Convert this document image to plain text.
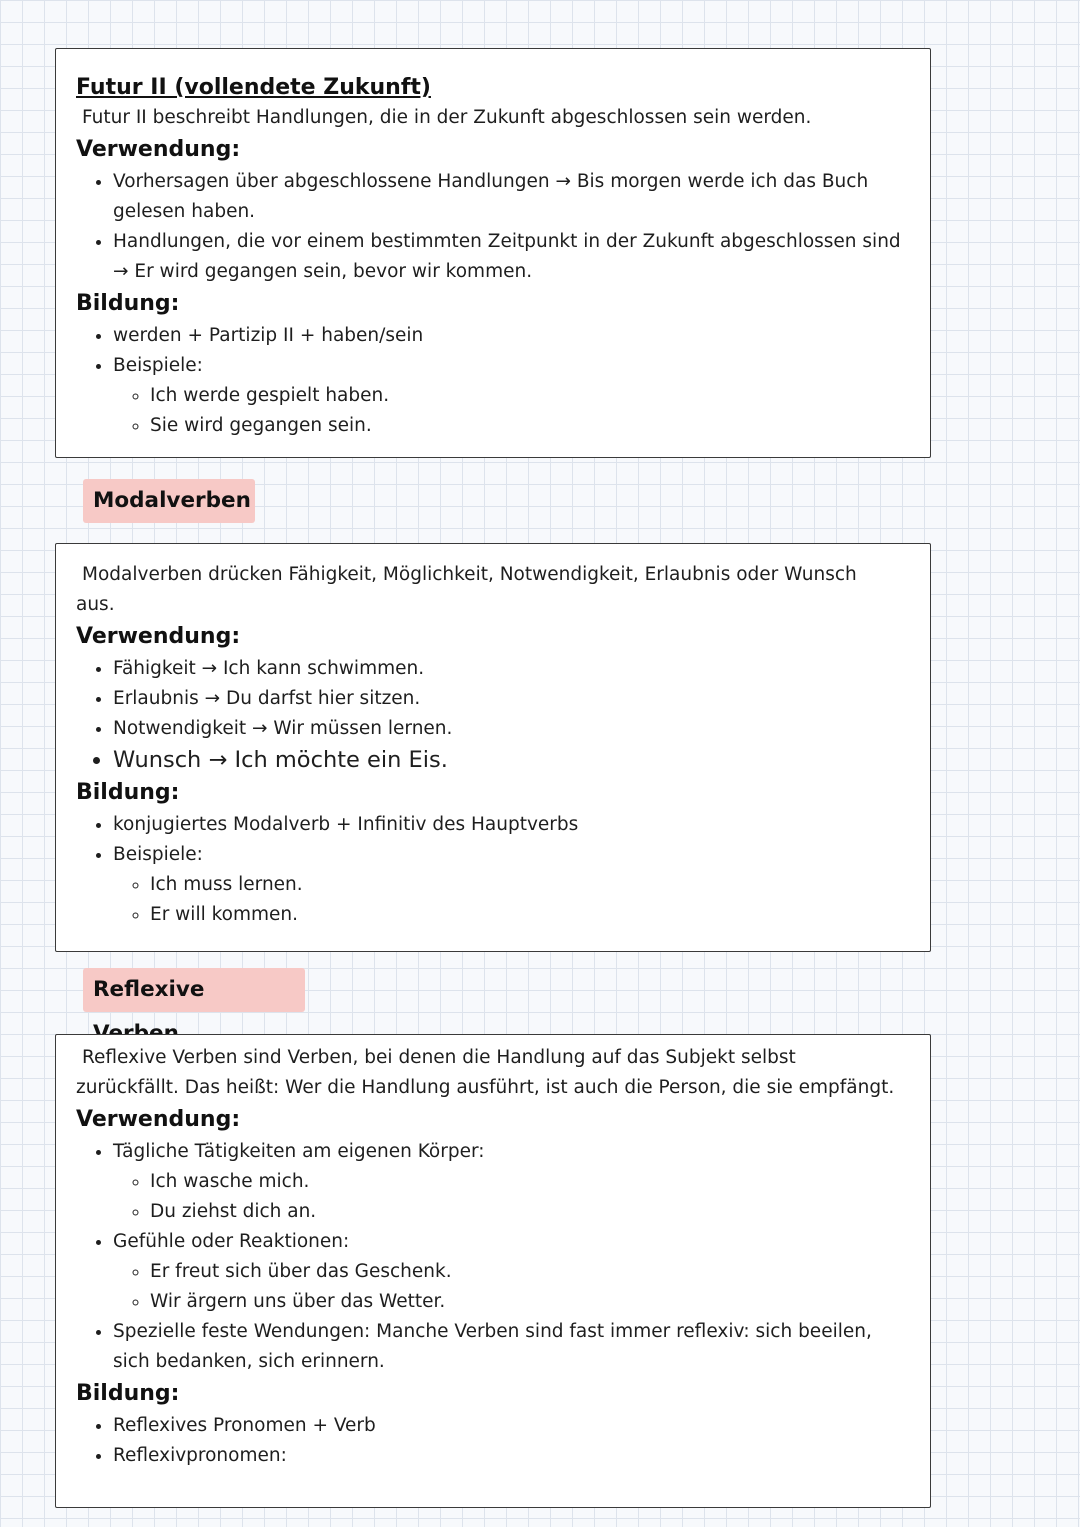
Futur II (vollendete Zukunft)

Futur II beschreibt Handlungen, die in der Zukunft abgeschlossen sein werden.

Verwendung:

• Vorhersagen über abgeschlossene Handlungen → Bis morgen werde ich das Buch gelesen haben.
• Handlungen, die vor einem bestimmten Zeitpunkt in der Zukunft abgeschlossen sind → Er wird gegangen sein, bevor wir kommen.

Bildung:

• werden + Partizip II + haben/sein
• Beispiele:
◦ Ich werde gespielt haben.
◦ Sie wird gegangen sein.
Modalverben

Modalverben drücken Fähigkeit, Möglichkeit, Notwendigkeit, Erlaubnis oder Wunsch

aus.

Verwendung:

• Fähigkeit → Ich kann schwimmen.
• Erlaubnis → Du darfst hier sitzen.
• Notwendigkeit → Wir müssen lernen.
• Wunsch → Ich möchte ein Eis.

Bildung:

• konjugiertes Modalverb + Infinitiv des Hauptverbs
• Beispiele:
◦ Ich muss lernen.
◦ Er will kommen.
Reflexive

Reflexive Verben sind Verben, bei denen die Handlung auf das Subjekt selbst

zurückfällt. Das heißt: Wer die Handlung ausführt, ist auch die Person, die sie empfängt.

Verwendung:

• Tägliche Tätigkeiten am eigenen Körper:
◦ Ich wasche mich.
◦ Du ziehst dich an.
• Gefühle oder Reaktionen:
◦ Er freut sich über das Geschenk.
◦ Wir ärgern uns über das Wetter.
• Spezielle feste Wendungen: Manche Verben sind fast immer reflexiv: sich beeilen, sich bedanken, sich erinnern.

Bildung:

• Reflexives Pronomen + Verb
• Reflexivpronomen:
